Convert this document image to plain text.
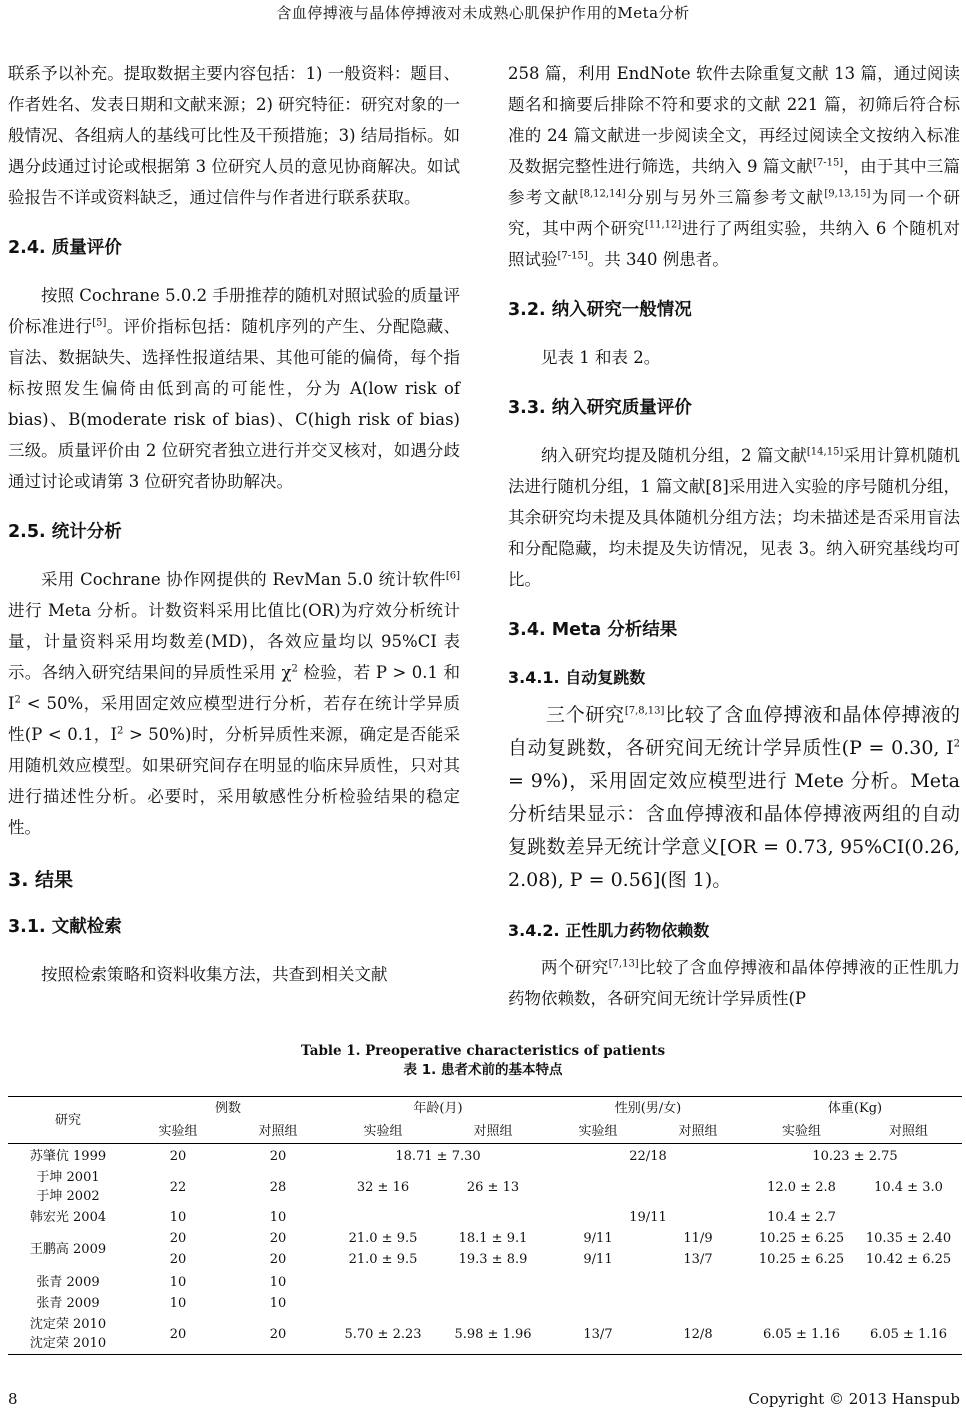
含血停搏液与晶体停搏液对未成熟心肌保护作用的Meta分析

联系予以补充。提取数据主要内容包括：1) 一般资料：题目、作者姓名、发表日期和文献来源；2) 研究特征：研究对象的一般情况、各组病人的基线可比性及干预措施；3) 结局指标。如遇分歧通过讨论或根据第 3 位研究人员的意见协商解决。如试验报告不详或资料缺乏，通过信件与作者进行联系获取。

2.4. 质量评价

按照 Cochrane 5.0.2 手册推荐的随机对照试验的质量评价标准进行[5]。评价指标包括：随机序列的产生、分配隐藏、盲法、数据缺失、选择性报道结果、其他可能的偏倚，每个指标按照发生偏倚由低到高的可能性，分为 A(low risk of bias)、B(moderate risk of bias)、C(high risk of bias)三级。质量评价由 2 位研究者独立进行并交叉核对，如遇分歧通过讨论或请第 3 位研究者协助解决。

2.5. 统计分析

采用 Cochrane 协作网提供的 RevMan 5.0 统计软件[6]进行 Meta 分析。计数资料采用比值比(OR)为疗效分析统计量，计量资料采用均数差(MD)，各效应量均以 95%CI 表示。各纳入研究结果间的异质性采用 $\chi^2$ 检验，若 P > 0.1 和 $I^2 < 50\%$，采用固定效应模型进行分析，若存在统计学异质性(P < 0.1，$I^2 > 50\%$)时，分析异质性来源，确定是否能采用随机效应模型。如果研究间存在明显的临床异质性，只对其进行描述性分析。必要时，采用敏感性分析检验结果的稳定性。

3. 结果
3.1. 文献检索

按照检索策略和资料收集方法，共查到相关文献

258 篇，利用 EndNote 软件去除重复文献 13 篇，通过阅读题名和摘要后排除不符和要求的文献 221 篇，初筛后符合标准的 24 篇文献进一步阅读全文，再经过阅读全文按纳入标准及数据完整性进行筛选，共纳入 9 篇文献[7-15]，由于其中三篇参考文献[8,12,14]分别与另外三篇参考文献[9,13,15]为同一个研究，其中两个研究[11,12]进行了两组实验，共纳入 6 个随机对照试验[7-15]。共 340 例患者。

3.2. 纳入研究一般情况

见表 1 和表 2。

3.3. 纳入研究质量评价

纳入研究均提及随机分组，2 篇文献[14,15]采用计算机随机法进行随机分组，1 篇文献[8]采用进入实验的序号随机分组，其余研究均未提及具体随机分组方法；均未描述是否采用盲法和分配隐藏，均未提及失访情况，见表 3。纳入研究基线均可比。

3.4. Meta 分析结果
3.4.1. 自动复跳数

三个研究[7,8,13]比较了含血停搏液和晶体停搏液的自动复跳数，各研究间无统计学异质性(P = 0.30, $I^2 = 9\%$)，采用固定效应模型进行 Mete 分析。Meta 分析结果显示：含血停搏液和晶体停搏液两组的自动复跳数差异无统计学意义[OR = 0.73, 95%CI(0.26, 2.08), P = 0.56](图 1)。

3.4.2. 正性肌力药物依赖数

两个研究[7,13]比较了含血停搏液和晶体停搏液的正性肌力药物依赖数，各研究间无统计学异质性(P

Table 1. Preoperative characteristics of patients
表 1. 患者术前的基本特点
研究	例数		年龄(月)		性别(男/女)		体重(Kg)	
	实验组	对照组	实验组	对照组	实验组	对照组	实验组	对照组
苏肇伉 1999	20	20	18.71 ± 7.30		22/18		10.23 ± 2.75	

于坤 2001
于坤 2002	22	28	32 ± 16	26 ± 13			12.0 ± 2.8	10.4 ± 3.0
韩宏光 2004	10	10			19/11		10.4 ± 2.7	
王鹏高 2009	20	20	21.0 ± 9.5	18.1 ± 9.1	9/11	11/9	10.25 ± 6.25	10.35 ± 2.40
	20	20	21.0 ± 9.5	19.3 ± 8.9	9/11	13/7	10.25 ± 6.25	10.42 ± 6.25
张青 2009	10	10						
张青 2009	10	10						

沈定荣 2010
沈定荣 2010	20	20	5.70 ± 2.23	5.98 ± 1.96	13/7	12/8	6.05 ± 1.16	6.05 ± 1.16
8	Copyright © 2013 Hanspub
